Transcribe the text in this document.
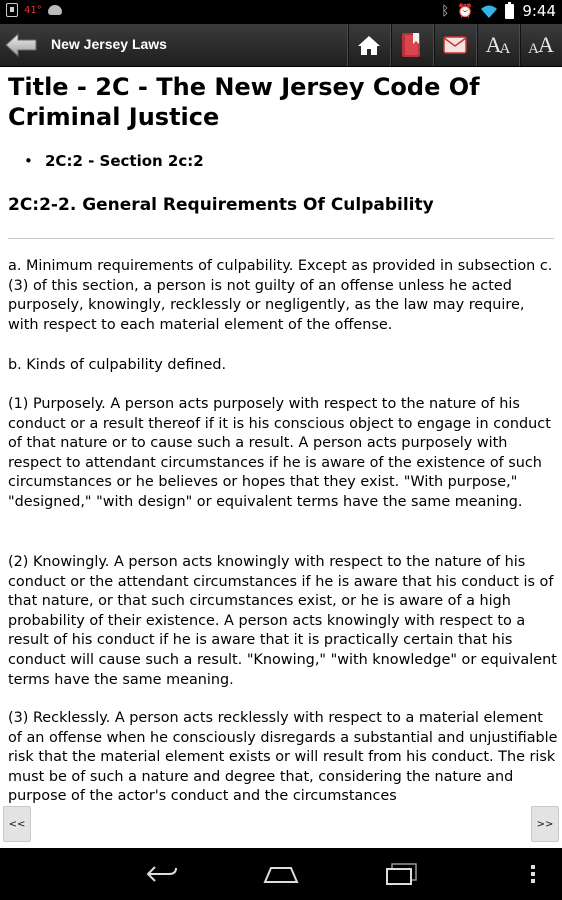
41°	ᛒ ⏰	9:44
New Jersey Laws	A
A A A
Title - 2C - The New Jersey Code Of Criminal Justice
• 2C:2 - Section 2c:2
2C:2-2. General Requirements Of Culpability

a. Minimum requirements of culpability. Except as provided in subsection c.(3) of this section, a person is not guilty of an offense unless he acted purposely, knowingly, recklessly or negligently, as the law may require, with respect to each material element of the offense.

b. Kinds of culpability defined.

(1) Purposely. A person acts purposely with respect to the nature of his conduct or a result thereof if it is his conscious object to engage in conduct of that nature or to cause such a result. A person acts purposely with respect to attendant circumstances if he is aware of the existence of such circumstances or he believes or hopes that they exist. "With purpose," "designed," "with design" or equivalent terms have the same meaning.

(2) Knowingly. A person acts knowingly with respect to the nature of his conduct or the attendant circumstances if he is aware that his conduct is of that nature, or that such circumstances exist, or he is aware of a high probability of their existence. A person acts knowingly with respect to a result of his conduct if he is aware that it is practically certain that his conduct will cause such a result. "Knowing," "with knowledge" or equivalent terms have the same meaning.

(3) Recklessly. A person acts recklessly with respect to a material element of an offense when he consciously disregards a substantial and unjustifiable risk that the material element exists or will result from his conduct. The risk must be of such a nature and degree that, considering the nature and purpose of the actor's conduct and the circumstances

<<	>>
